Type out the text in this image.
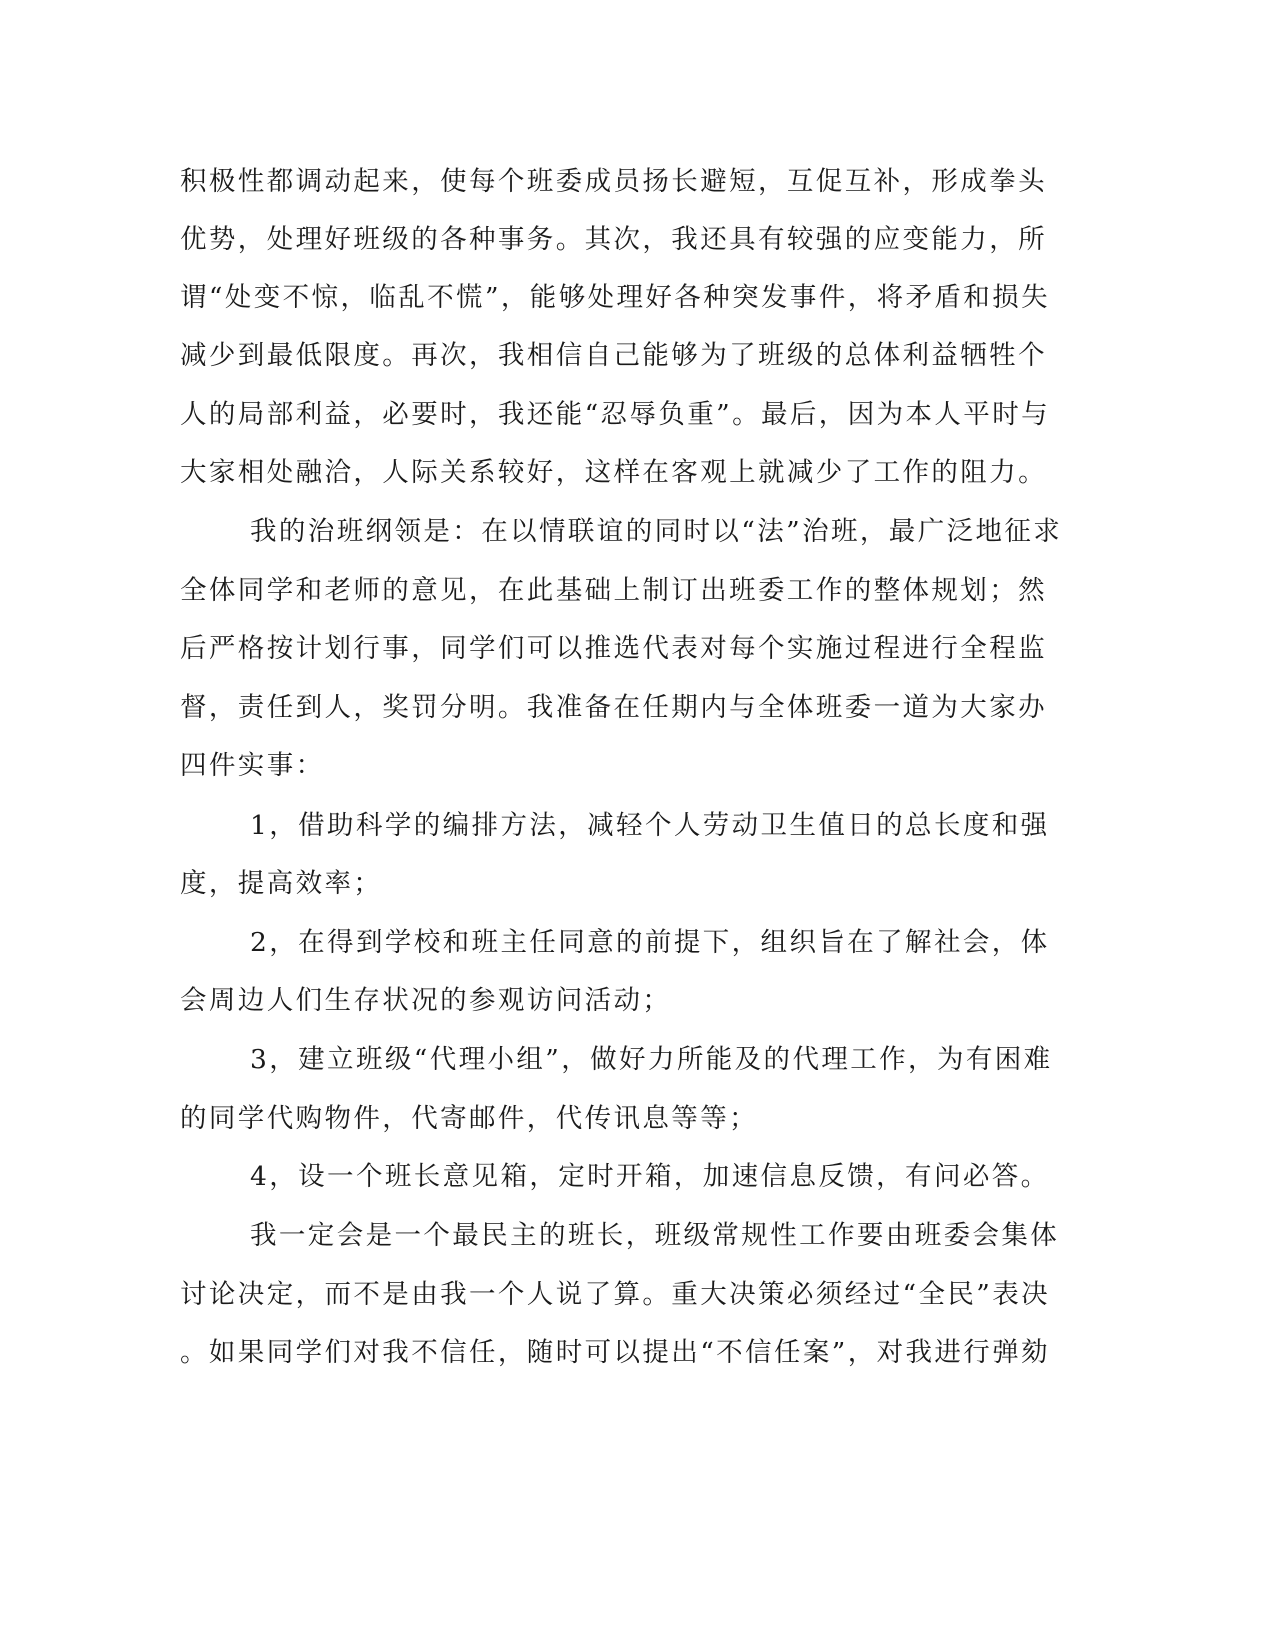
积极性都调动起来，使每个班委成员扬长避短，互促互补，形成拳头

优势，处理好班级的各种事务。其次，我还具有较强的应变能力，所

谓“处变不惊，临乱不慌”，能够处理好各种突发事件，将矛盾和损失

减少到最低限度。再次，我相信自己能够为了班级的总体利益牺牲个

人的局部利益，必要时，我还能“忍辱负重”。最后，因为本人平时与

大家相处融洽，人际关系较好，这样在客观上就减少了工作的阻力。

我的治班纲领是：在以情联谊的同时以“法”治班，最广泛地征求

全体同学和老师的意见，在此基础上制订出班委工作的整体规划；然

后严格按计划行事，同学们可以推选代表对每个实施过程进行全程监

督，责任到人，奖罚分明。我准备在任期内与全体班委一道为大家办

四件实事：

1，借助科学的编排方法，减轻个人劳动卫生值日的总长度和强

度，提高效率；

2，在得到学校和班主任同意的前提下，组织旨在了解社会，体

会周边人们生存状况的参观访问活动；

3，建立班级“代理小组”，做好力所能及的代理工作，为有困难

的同学代购物件，代寄邮件，代传讯息等等；

4，设一个班长意见箱，定时开箱，加速信息反馈，有问必答。

我一定会是一个最民主的班长，班级常规性工作要由班委会集体

讨论决定，而不是由我一个人说了算。重大决策必须经过“全民”表决

。如果同学们对我不信任，随时可以提出“不信任案”，对我进行弹劾
